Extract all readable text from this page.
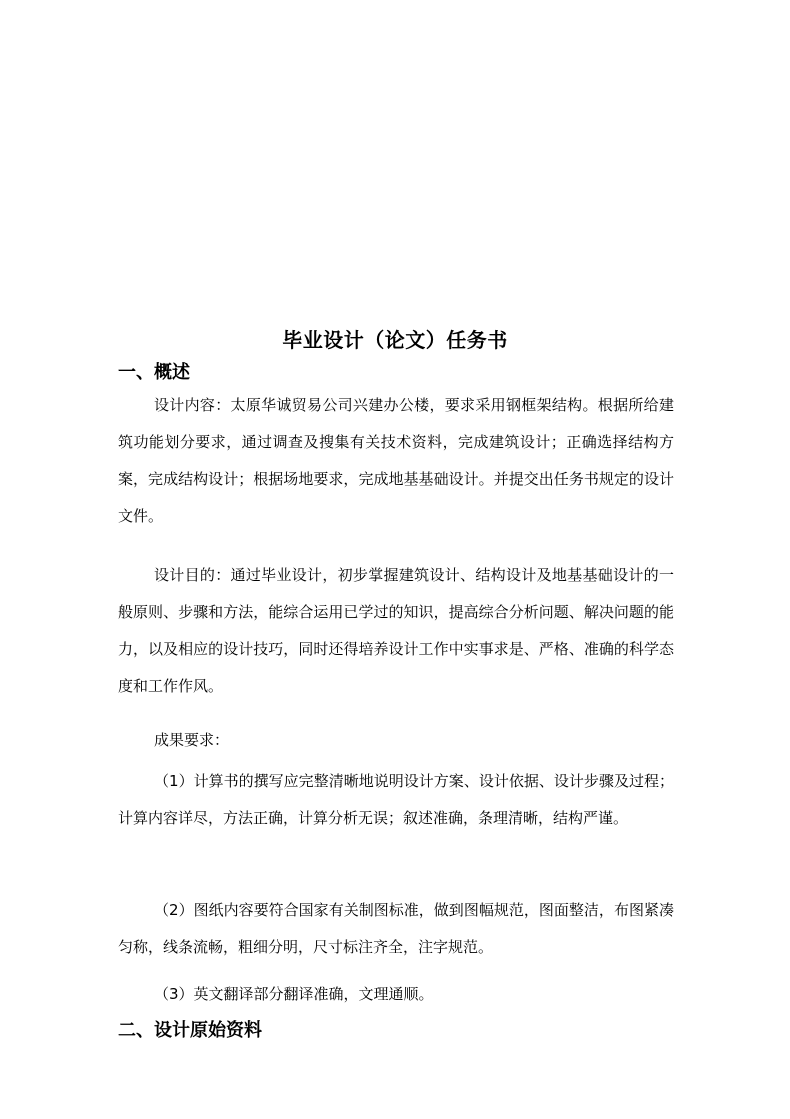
毕业设计（论文）任务书
一、概述
设计内容：太原华诚贸易公司兴建办公楼，要求采用钢框架结构。根据所给建筑功能划分要求，通过调查及搜集有关技术资料，完成建筑设计；正确选择结构方案，完成结构设计；根据场地要求，完成地基基础设计。并提交出任务书规定的设计文件。
设计目的：通过毕业设计，初步掌握建筑设计、结构设计及地基基础设计的一般原则、步骤和方法，能综合运用已学过的知识，提高综合分析问题、解决问题的能力，以及相应的设计技巧，同时还得培养设计工作中实事求是、严格、准确的科学态度和工作作风。
成果要求：
（1）计算书的撰写应完整清晰地说明设计方案、设计依据、设计步骤及过程；计算内容详尽，方法正确，计算分析无误；叙述准确，条理清晰，结构严谨。
（2）图纸内容要符合国家有关制图标准，做到图幅规范，图面整洁，布图紧凑匀称，线条流畅，粗细分明，尺寸标注齐全，注字规范。
（3）英文翻译部分翻译准确，文理通顺。
二、设计原始资料
